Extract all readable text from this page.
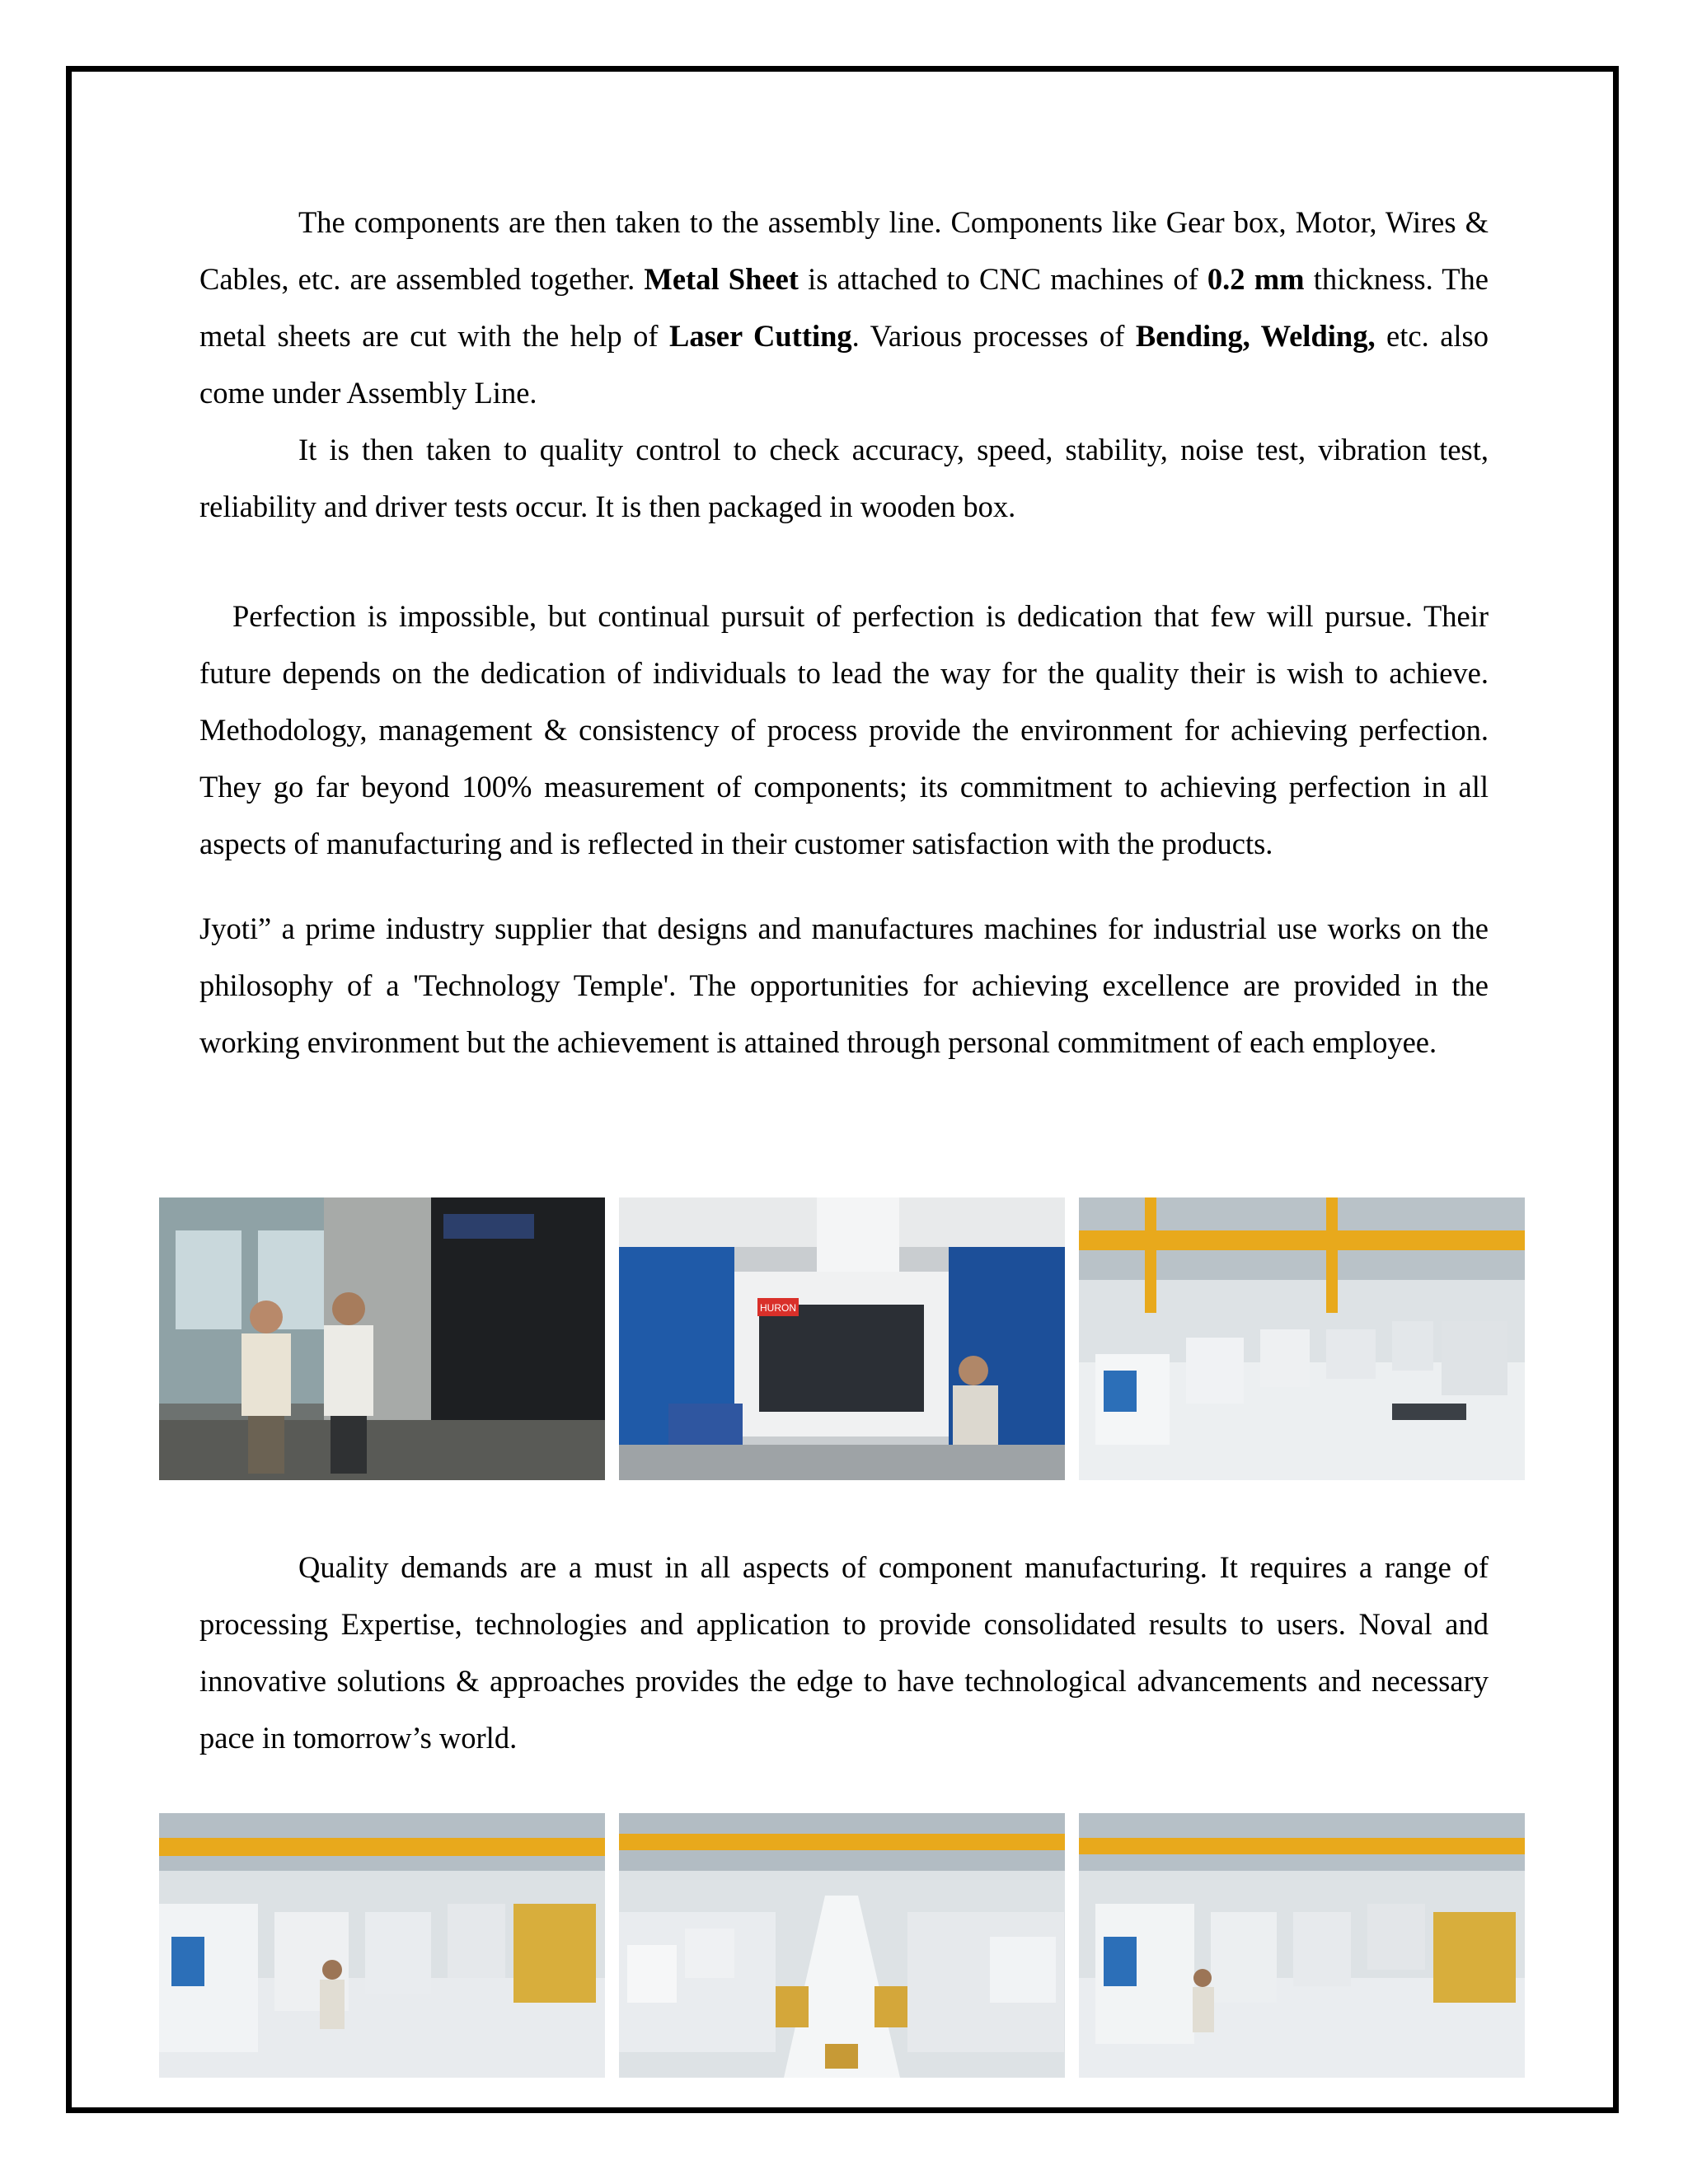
The components are then taken to the assembly line. Components like Gear box, Motor, Wires & Cables, etc. are assembled together. Metal Sheet is attached to CNC machines of 0.2 mm thickness. The metal sheets are cut with the help of Laser Cutting. Various processes of Bending, Welding, etc. also come under Assembly Line.

It is then taken to quality control to check accuracy, speed, stability, noise test, vibration test, reliability and driver tests occur. It is then packaged in wooden box.

Perfection is impossible, but continual pursuit of perfection is dedication that few will pursue. Their future depends on the dedication of individuals to lead the way for the quality their is wish to achieve. Methodology, management & consistency of process provide the environment for achieving perfection. They go far beyond 100% measurement of components; its commitment to achieving perfection in all aspects of manufacturing and is reflected in their customer satisfaction with the products.

Jyoti” a prime industry supplier that designs and manufactures machines for industrial use works on the philosophy of a 'Technology Temple'. The opportunities for achieving excellence are provided in the working environment but the achievement is attained through personal commitment of each employee.

HURON

Quality demands are a must in all aspects of component manufacturing. It requires a range of processing Expertise, technologies and application to provide consolidated results to users. Noval and innovative solutions & approaches provides the edge to have technological advancements and necessary pace in tomorrow’s world.
